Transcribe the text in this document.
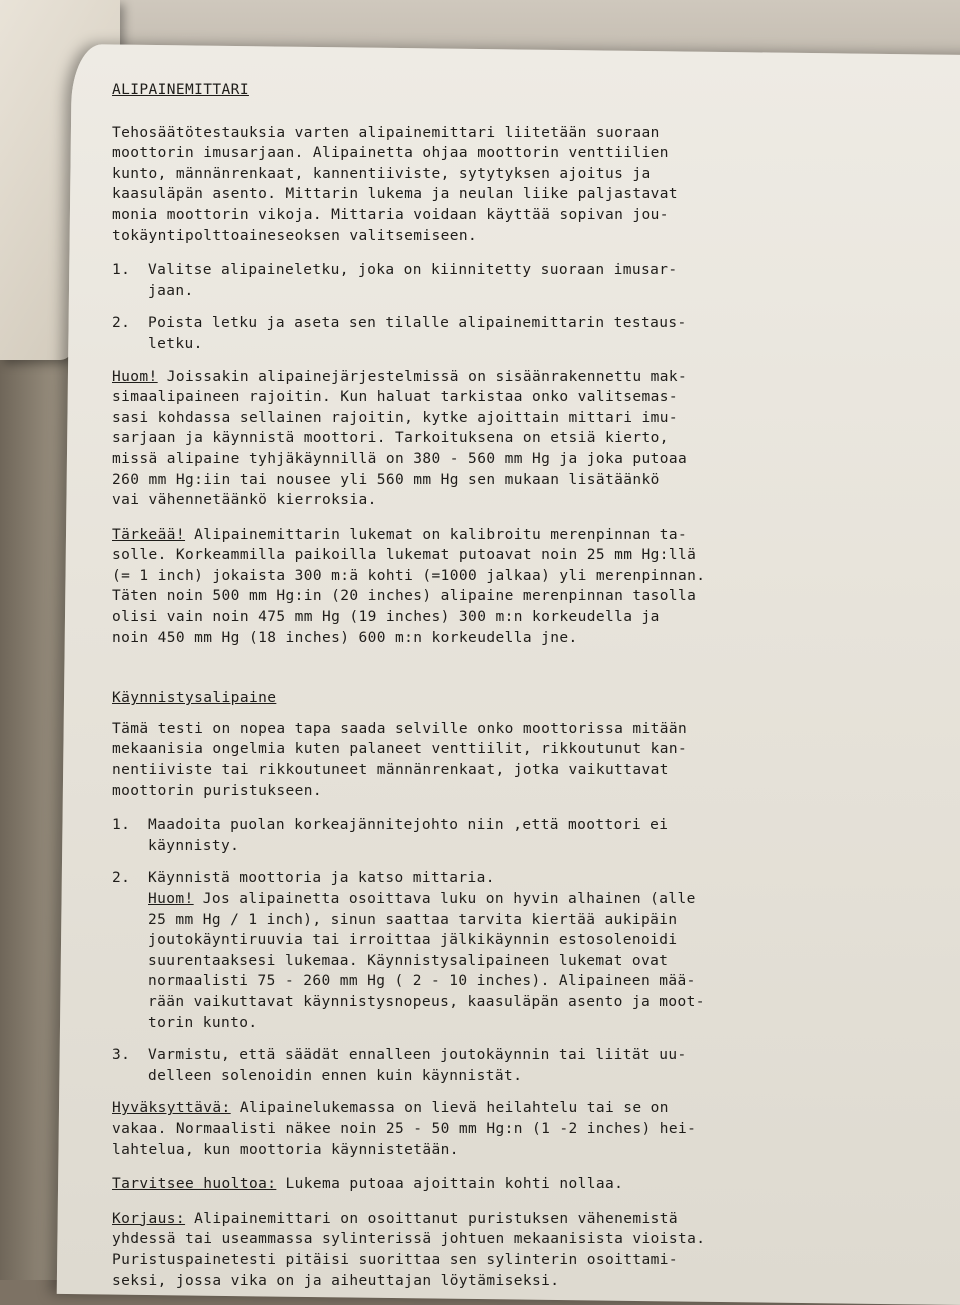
ALIPAINEMITTARI
Tehosäätötestauksia varten alipainemittari liitetään suoraan
moottorin imusarjaan. Alipainetta ohjaa moottorin venttiilien
kunto, männänrenkaat, kannentiiviste, sytytyksen ajoitus ja
kaasuläpän asento. Mittarin lukema ja neulan liike paljastavat
monia moottorin vikoja. Mittaria voidaan käyttää sopivan jou-
tokäyntipolttoaineseoksen valitsemiseen.
1.	Valitse alipaineletku, joka on kiinnitetty suoraan imusar-
jaan.
2.	Poista letku ja aseta sen tilalle alipainemittarin testaus-
letku.
Huom! Joissakin alipainejärjestelmissä on sisäänrakennettu mak-
simaalipaineen rajoitin. Kun haluat tarkistaa onko valitsemas-
sasi kohdassa sellainen rajoitin, kytke ajoittain mittari imu-
sarjaan ja käynnistä moottori. Tarkoituksena on etsiä kierto,
missä alipaine tyhjäkäynnillä on 380 - 560 mm Hg ja joka putoaa
260 mm Hg:iin tai nousee yli 560 mm Hg sen mukaan lisätäänkö
vai vähennetäänkö kierroksia.
Tärkeää! Alipainemittarin lukemat on kalibroitu merenpinnan ta-
solle. Korkeammilla paikoilla lukemat putoavat noin 25 mm Hg:llä
(= 1 inch) jokaista 300 m:ä kohti (=1000 jalkaa) yli merenpinnan.
Täten noin 500 mm Hg:in (20 inches) alipaine merenpinnan tasolla
olisi vain noin 475 mm Hg (19 inches) 300 m:n korkeudella ja
noin 450 mm Hg (18 inches) 600 m:n korkeudella jne.
Käynnistysalipaine
Tämä testi on nopea tapa saada selville onko moottorissa mitään
mekaanisia ongelmia kuten palaneet venttiilit, rikkoutunut kan-
nentiiviste tai rikkoutuneet männänrenkaat, jotka vaikuttavat
moottorin puristukseen.
1.	Maadoita puolan korkeajännitejohto niin ,että moottori ei
käynnisty.
2.	Käynnistä moottoria ja katso mittaria.
Huom! Jos alipainetta osoittava luku on hyvin alhainen (alle
25 mm Hg / 1 inch), sinun saattaa tarvita kiertää aukipäin
joutokäyntiruuvia tai irroittaa jälkikäynnin estosolenoidi
suurentaaksesi lukemaa. Käynnistysalipaineen lukemat ovat
normaalisti 75 - 260 mm Hg ( 2 - 10 inches). Alipaineen mää-
rään vaikuttavat käynnistysnopeus, kaasuläpän asento ja moot-
torin kunto.
3.	Varmistu, että säädät ennalleen joutokäynnin tai liität uu-
delleen solenoidin ennen kuin käynnistät.
Hyväksyttävä: Alipainelukemassa on lievä heilahtelu tai se on
vakaa. Normaalisti näkee noin 25 - 50 mm Hg:n (1 -2 inches) hei-
lahtelua, kun moottoria käynnistetään.
Tarvitsee huoltoa: Lukema putoaa ajoittain kohti nollaa.
Korjaus: Alipainemittari on osoittanut puristuksen vähenemistä
yhdessä tai useammassa sylinterissä johtuen mekaanisista vioista.
Puristuspainetesti pitäisi suorittaa sen sylinterin osoittami-
seksi, jossa vika on ja aiheuttajan löytämiseksi.
